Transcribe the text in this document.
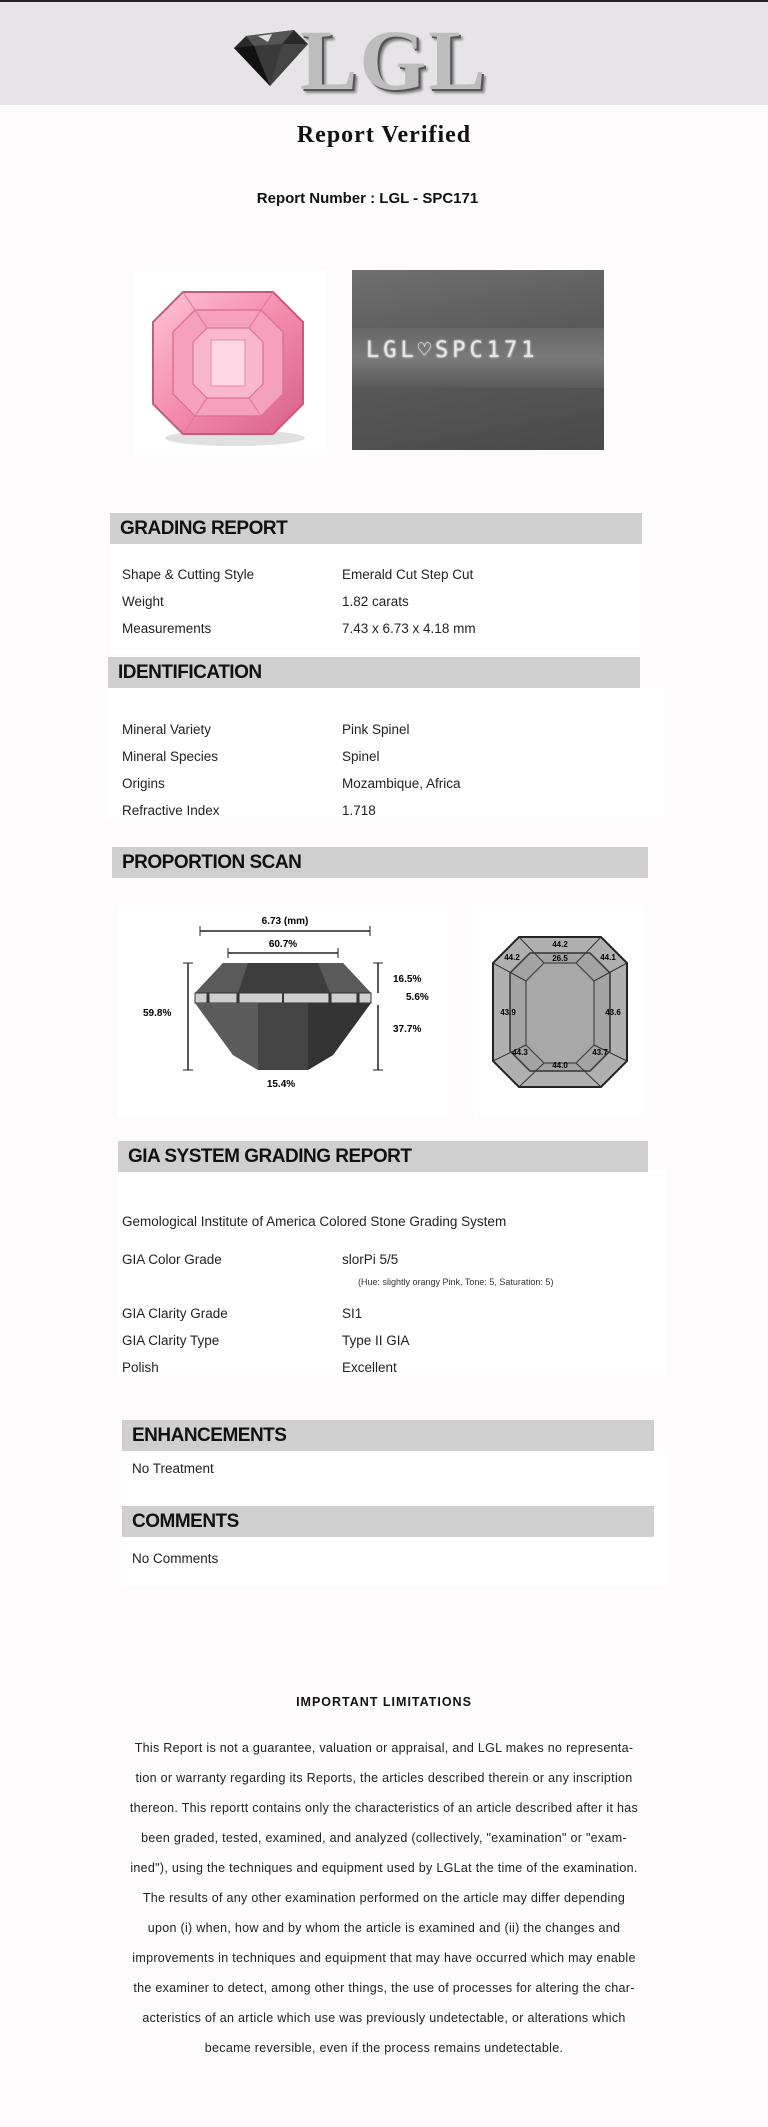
LGL
Report Verified
Report Number : LGL - SPC171
LGL♡SPC171
GRADING REPORT
Shape & Cutting Style	Emerald Cut Step Cut
Weight	1.82 carats
Measurements	7.43 x 6.73 x 4.18 mm
IDENTIFICATION
Mineral Variety	Pink Spinel
Mineral Species	Spinel
Origins	Mozambique, Africa
Refractive Index	1.718
PROPORTION SCAN
6.73 (mm)
60.7%
59.8%
16.5%
5.6%
37.7%
15.4%
44.2
26.5
44.2	44.1
43.9	43.6
44.3
44.0
43.7
GIA SYSTEM GRADING REPORT
Gemological Institute of America Colored Stone Grading System
GIA Color Grade	slorPi 5/5
(Hue: slightly orangy Pink, Tone: 5, Saturation: 5)
GIA Clarity Grade	SI1
GIA Clarity Type	Type II GIA
Polish	Excellent
ENHANCEMENTS
No Treatment
COMMENTS
No Comments
IMPORTANT LIMITATIONS
This Report is not a guarantee, valuation or appraisal, and LGL makes no representa-
tion or warranty regarding its Reports, the articles described therein or any inscription
thereon. This reportt contains only the characteristics of an article described after it has
been graded, tested, examined, and analyzed (collectively, "examination" or "exam-
ined"), using the techniques and equipment used by LGLat the time of the examination.
The results of any other examination performed on the article may differ depending
upon (i) when, how and by whom the article is examined and (ii) the changes and
improvements in techniques and equipment that may have occurred which may enable
the examiner to detect, among other things, the use of processes for altering the char-
acteristics of an article which use was previously undetectable, or alterations which
became reversible, even if the process remains undetectable.
